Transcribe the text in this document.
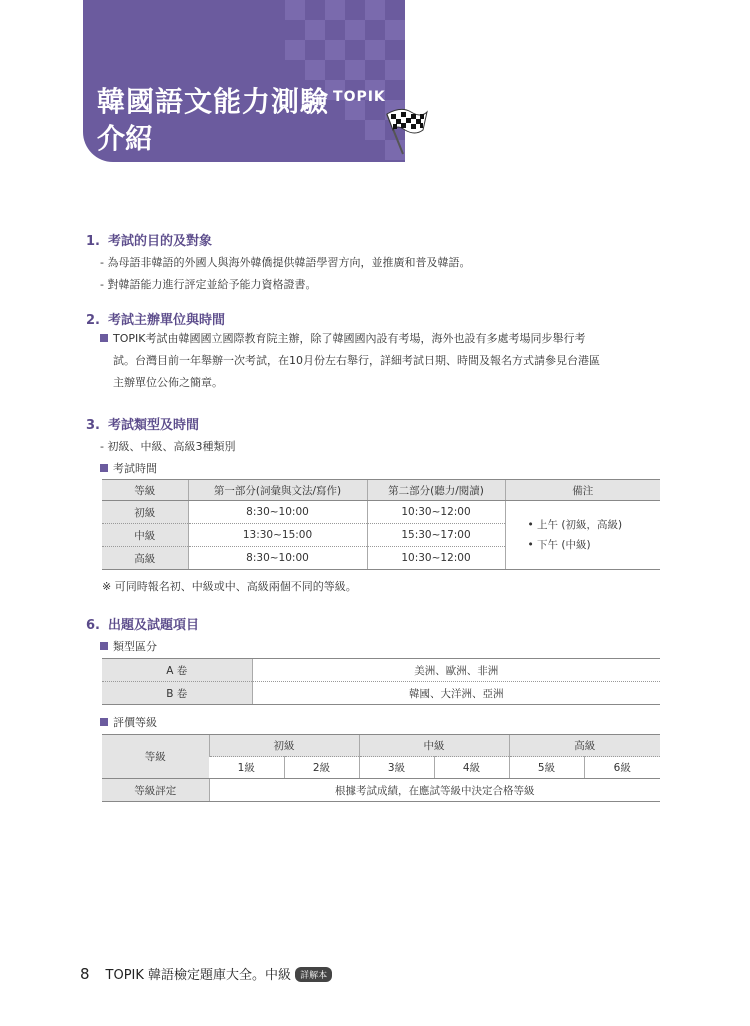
韓國語文能力測驗 $^{TOPIK}$
介紹
1. 考試的目的及對象
- 為母語非韓語的外國人與海外韓僑提供韓語學習方向，並推廣和普及韓語。
- 對韓語能力進行評定並給予能力資格證書。
2. 考試主辦單位與時間
TOPIK考試由韓國國立國際教育院主辦，除了韓國國內設有考場，海外也設有多處考場同步舉行考
試。台灣目前一年舉辦一次考試，在10月份左右舉行，詳細考試日期、時間及報名方式請參見台港區
主辦單位公佈之簡章。
3. 考試類型及時間
- 初級、中級、高級3種類別
考試時間
等級	第一部分(詞彙與文法/寫作)	第二部分(聽力/閱讀)	備注
初級	8:30~10:00	10:30~12:00	• 上午 (初級，高級)
• 下午 (中級)

中級	13:30~15:00	15:30~17:00	
高級	8:30~10:00	10:30~12:00	
※ 可同時報名初、中級或中、高級兩個不同的等級。
6. 出題及試題項目
類型區分
A 卷	美洲、歐洲、非洲
B 卷	韓國、大洋洲、亞洲
評價等級
等級	初級		中級		高級	
	1級	2級	3級	4級	5級	6級
等級評定	根據考試成績，在應試等級中決定合格等級					
8 TOPIK 韓語檢定題庫大全。中級 詳解本
